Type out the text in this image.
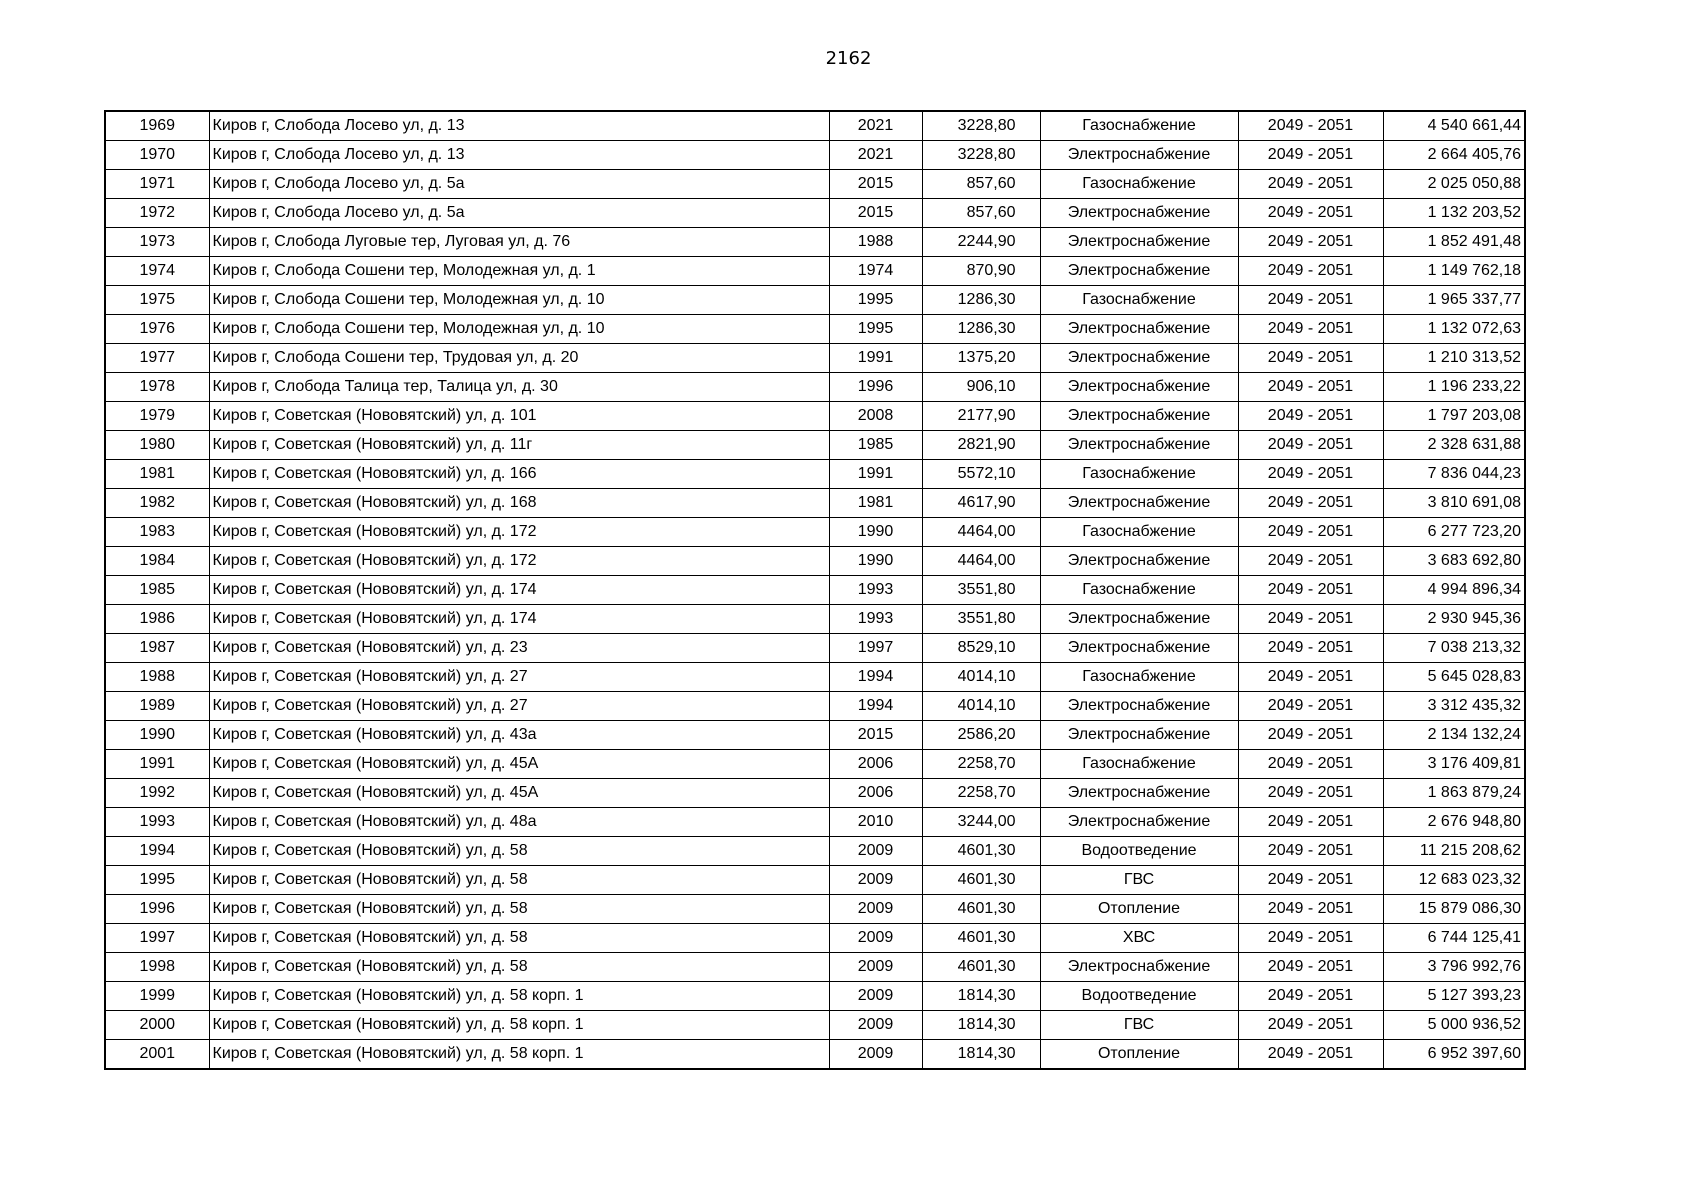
2162
1969	Киров г, Слобода Лосево ул, д. 13	2021	3228,80	Газоснабжение	2049 - 2051	4 540 661,44
1970	Киров г, Слобода Лосево ул, д. 13	2021	3228,80	Электроснабжение	2049 - 2051	2 664 405,76
1971	Киров г, Слобода Лосево ул, д. 5а	2015	857,60	Газоснабжение	2049 - 2051	2 025 050,88
1972	Киров г, Слобода Лосево ул, д. 5а	2015	857,60	Электроснабжение	2049 - 2051	1 132 203,52
1973	Киров г, Слобода Луговые тер, Луговая ул, д. 76	1988	2244,90	Электроснабжение	2049 - 2051	1 852 491,48
1974	Киров г, Слобода Сошени тер, Молодежная ул, д. 1	1974	870,90	Электроснабжение	2049 - 2051	1 149 762,18
1975	Киров г, Слобода Сошени тер, Молодежная ул, д. 10	1995	1286,30	Газоснабжение	2049 - 2051	1 965 337,77
1976	Киров г, Слобода Сошени тер, Молодежная ул, д. 10	1995	1286,30	Электроснабжение	2049 - 2051	1 132 072,63
1977	Киров г, Слобода Сошени тер, Трудовая ул, д. 20	1991	1375,20	Электроснабжение	2049 - 2051	1 210 313,52
1978	Киров г, Слобода Талица тер, Талица ул, д. 30	1996	906,10	Электроснабжение	2049 - 2051	1 196 233,22
1979	Киров г, Советская (Нововятский) ул, д. 101	2008	2177,90	Электроснабжение	2049 - 2051	1 797 203,08
1980	Киров г, Советская (Нововятский) ул, д. 11г	1985	2821,90	Электроснабжение	2049 - 2051	2 328 631,88
1981	Киров г, Советская (Нововятский) ул, д. 166	1991	5572,10	Газоснабжение	2049 - 2051	7 836 044,23
1982	Киров г, Советская (Нововятский) ул, д. 168	1981	4617,90	Электроснабжение	2049 - 2051	3 810 691,08
1983	Киров г, Советская (Нововятский) ул, д. 172	1990	4464,00	Газоснабжение	2049 - 2051	6 277 723,20
1984	Киров г, Советская (Нововятский) ул, д. 172	1990	4464,00	Электроснабжение	2049 - 2051	3 683 692,80
1985	Киров г, Советская (Нововятский) ул, д. 174	1993	3551,80	Газоснабжение	2049 - 2051	4 994 896,34
1986	Киров г, Советская (Нововятский) ул, д. 174	1993	3551,80	Электроснабжение	2049 - 2051	2 930 945,36
1987	Киров г, Советская (Нововятский) ул, д. 23	1997	8529,10	Электроснабжение	2049 - 2051	7 038 213,32
1988	Киров г, Советская (Нововятский) ул, д. 27	1994	4014,10	Газоснабжение	2049 - 2051	5 645 028,83
1989	Киров г, Советская (Нововятский) ул, д. 27	1994	4014,10	Электроснабжение	2049 - 2051	3 312 435,32
1990	Киров г, Советская (Нововятский) ул, д. 43а	2015	2586,20	Электроснабжение	2049 - 2051	2 134 132,24
1991	Киров г, Советская (Нововятский) ул, д. 45А	2006	2258,70	Газоснабжение	2049 - 2051	3 176 409,81
1992	Киров г, Советская (Нововятский) ул, д. 45А	2006	2258,70	Электроснабжение	2049 - 2051	1 863 879,24
1993	Киров г, Советская (Нововятский) ул, д. 48а	2010	3244,00	Электроснабжение	2049 - 2051	2 676 948,80
1994	Киров г, Советская (Нововятский) ул, д. 58	2009	4601,30	Водоотведение	2049 - 2051	11 215 208,62
1995	Киров г, Советская (Нововятский) ул, д. 58	2009	4601,30	ГВС	2049 - 2051	12 683 023,32
1996	Киров г, Советская (Нововятский) ул, д. 58	2009	4601,30	Отопление	2049 - 2051	15 879 086,30
1997	Киров г, Советская (Нововятский) ул, д. 58	2009	4601,30	ХВС	2049 - 2051	6 744 125,41
1998	Киров г, Советская (Нововятский) ул, д. 58	2009	4601,30	Электроснабжение	2049 - 2051	3 796 992,76
1999	Киров г, Советская (Нововятский) ул, д. 58 корп. 1	2009	1814,30	Водоотведение	2049 - 2051	5 127 393,23
2000	Киров г, Советская (Нововятский) ул, д. 58 корп. 1	2009	1814,30	ГВС	2049 - 2051	5 000 936,52
2001	Киров г, Советская (Нововятский) ул, д. 58 корп. 1	2009	1814,30	Отопление	2049 - 2051	6 952 397,60
